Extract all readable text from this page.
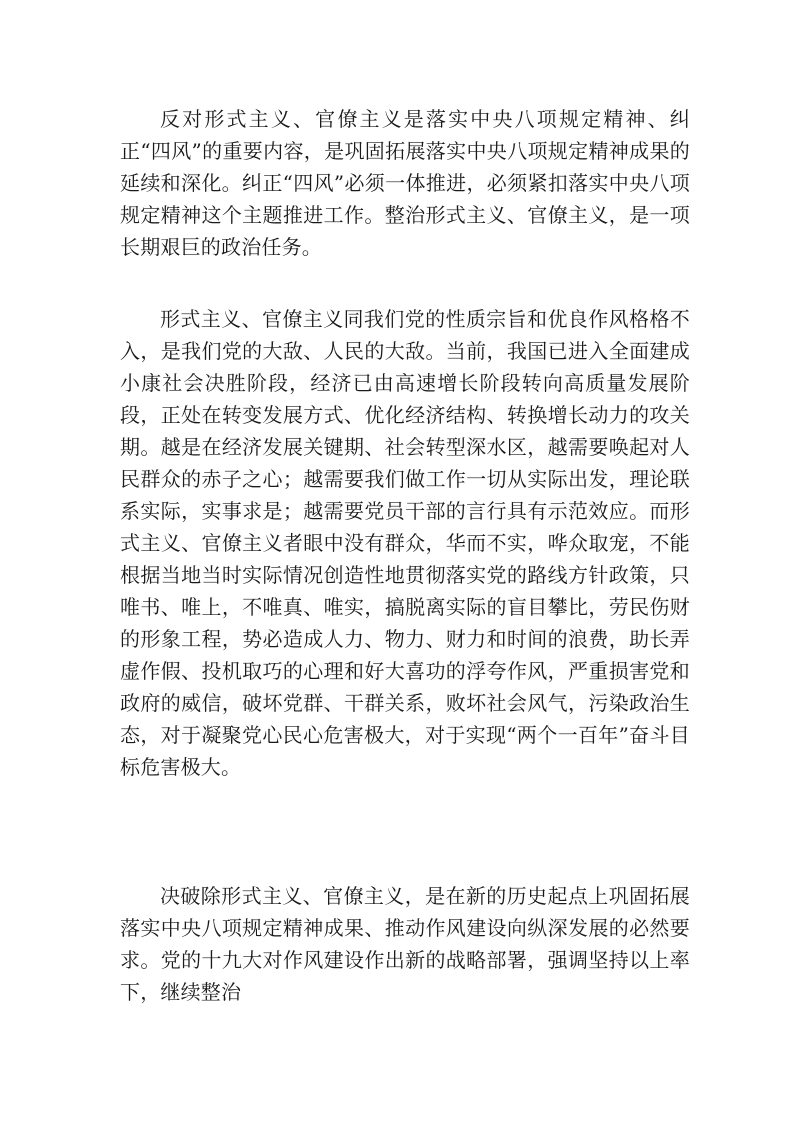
反对形式主义、官僚主义是落实中央八项规定精神、纠正“四风”的重要内容，是巩固拓展落实中央八项规定精神成果的延续和深化。纠正“四风”必须一体推进，必须紧扣落实中央八项规定精神这个主题推进工作。整治形式主义、官僚主义，是一项长期艰巨的政治任务。

形式主义、官僚主义同我们党的性质宗旨和优良作风格格不入，是我们党的大敌、人民的大敌。当前，我国已进入全面建成小康社会决胜阶段，经济已由高速增长阶段转向高质量发展阶段，正处在转变发展方式、优化经济结构、转换增长动力的攻关期。越是在经济发展关键期、社会转型深水区，越需要唤起对人民群众的赤子之心；越需要我们做工作一切从实际出发，理论联系实际，实事求是；越需要党员干部的言行具有示范效应。而形式主义、官僚主义者眼中没有群众，华而不实，哗众取宠，不能根据当地当时实际情况创造性地贯彻落实党的路线方针政策，只唯书、唯上，不唯真、唯实，搞脱离实际的盲目攀比，劳民伤财的形象工程，势必造成人力、物力、财力和时间的浪费，助长弄虚作假、投机取巧的心理和好大喜功的浮夸作风，严重损害党和政府的威信，破坏党群、干群关系，败坏社会风气，污染政治生态，对于凝聚党心民心危害极大，对于实现“两个一百年”奋斗目标危害极大。

决破除形式主义、官僚主义，是在新的历史起点上巩固拓展落实中央八项规定精神成果、推动作风建设向纵深发展的必然要求。党的十九大对作风建设作出新的战略部署，强调坚持以上率下，继续整治
